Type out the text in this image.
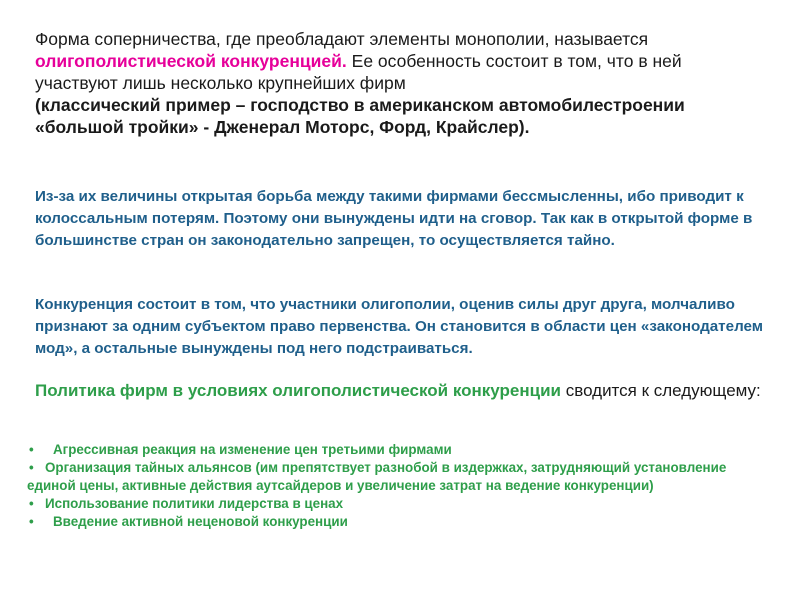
Форма соперничества, где преобладают элементы монополии, называется олигополистической конкуренцией. Ее особенность состоит в том, что в ней участвуют лишь несколько крупнейших фирм
(классический пример – господство в американском автомобилестроении «большой тройки» - Дженерал Моторс, Форд, Крайслер).
Из-за их величины открытая борьба между такими фирмами бессмысленны, ибо приводит к колоссальным потерям. Поэтому они вынуждены идти на сговор. Так как в открытой форме в большинстве стран он законодательно запрещен, то осуществляется тайно.
Конкуренция состоит в том, что участники олигополии, оценив силы друг друга, молчаливо признают за одним субъектом право первенства. Он становится в области цен «законодателем мод», а остальные вынуждены под него подстраиваться.
Политика фирм в условиях олигополистической конкуренции сводится к следующему:
• Агрессивная реакция на изменение цен третьими фирмами
• Организация тайных альянсов (им препятствует разнобой в издержках, затрудняющий установление единой цены, активные действия аутсайдеров и увеличение затрат на ведение конкуренции)
• Использование политики лидерства в ценах
• Введение активной неценовой конкуренции
